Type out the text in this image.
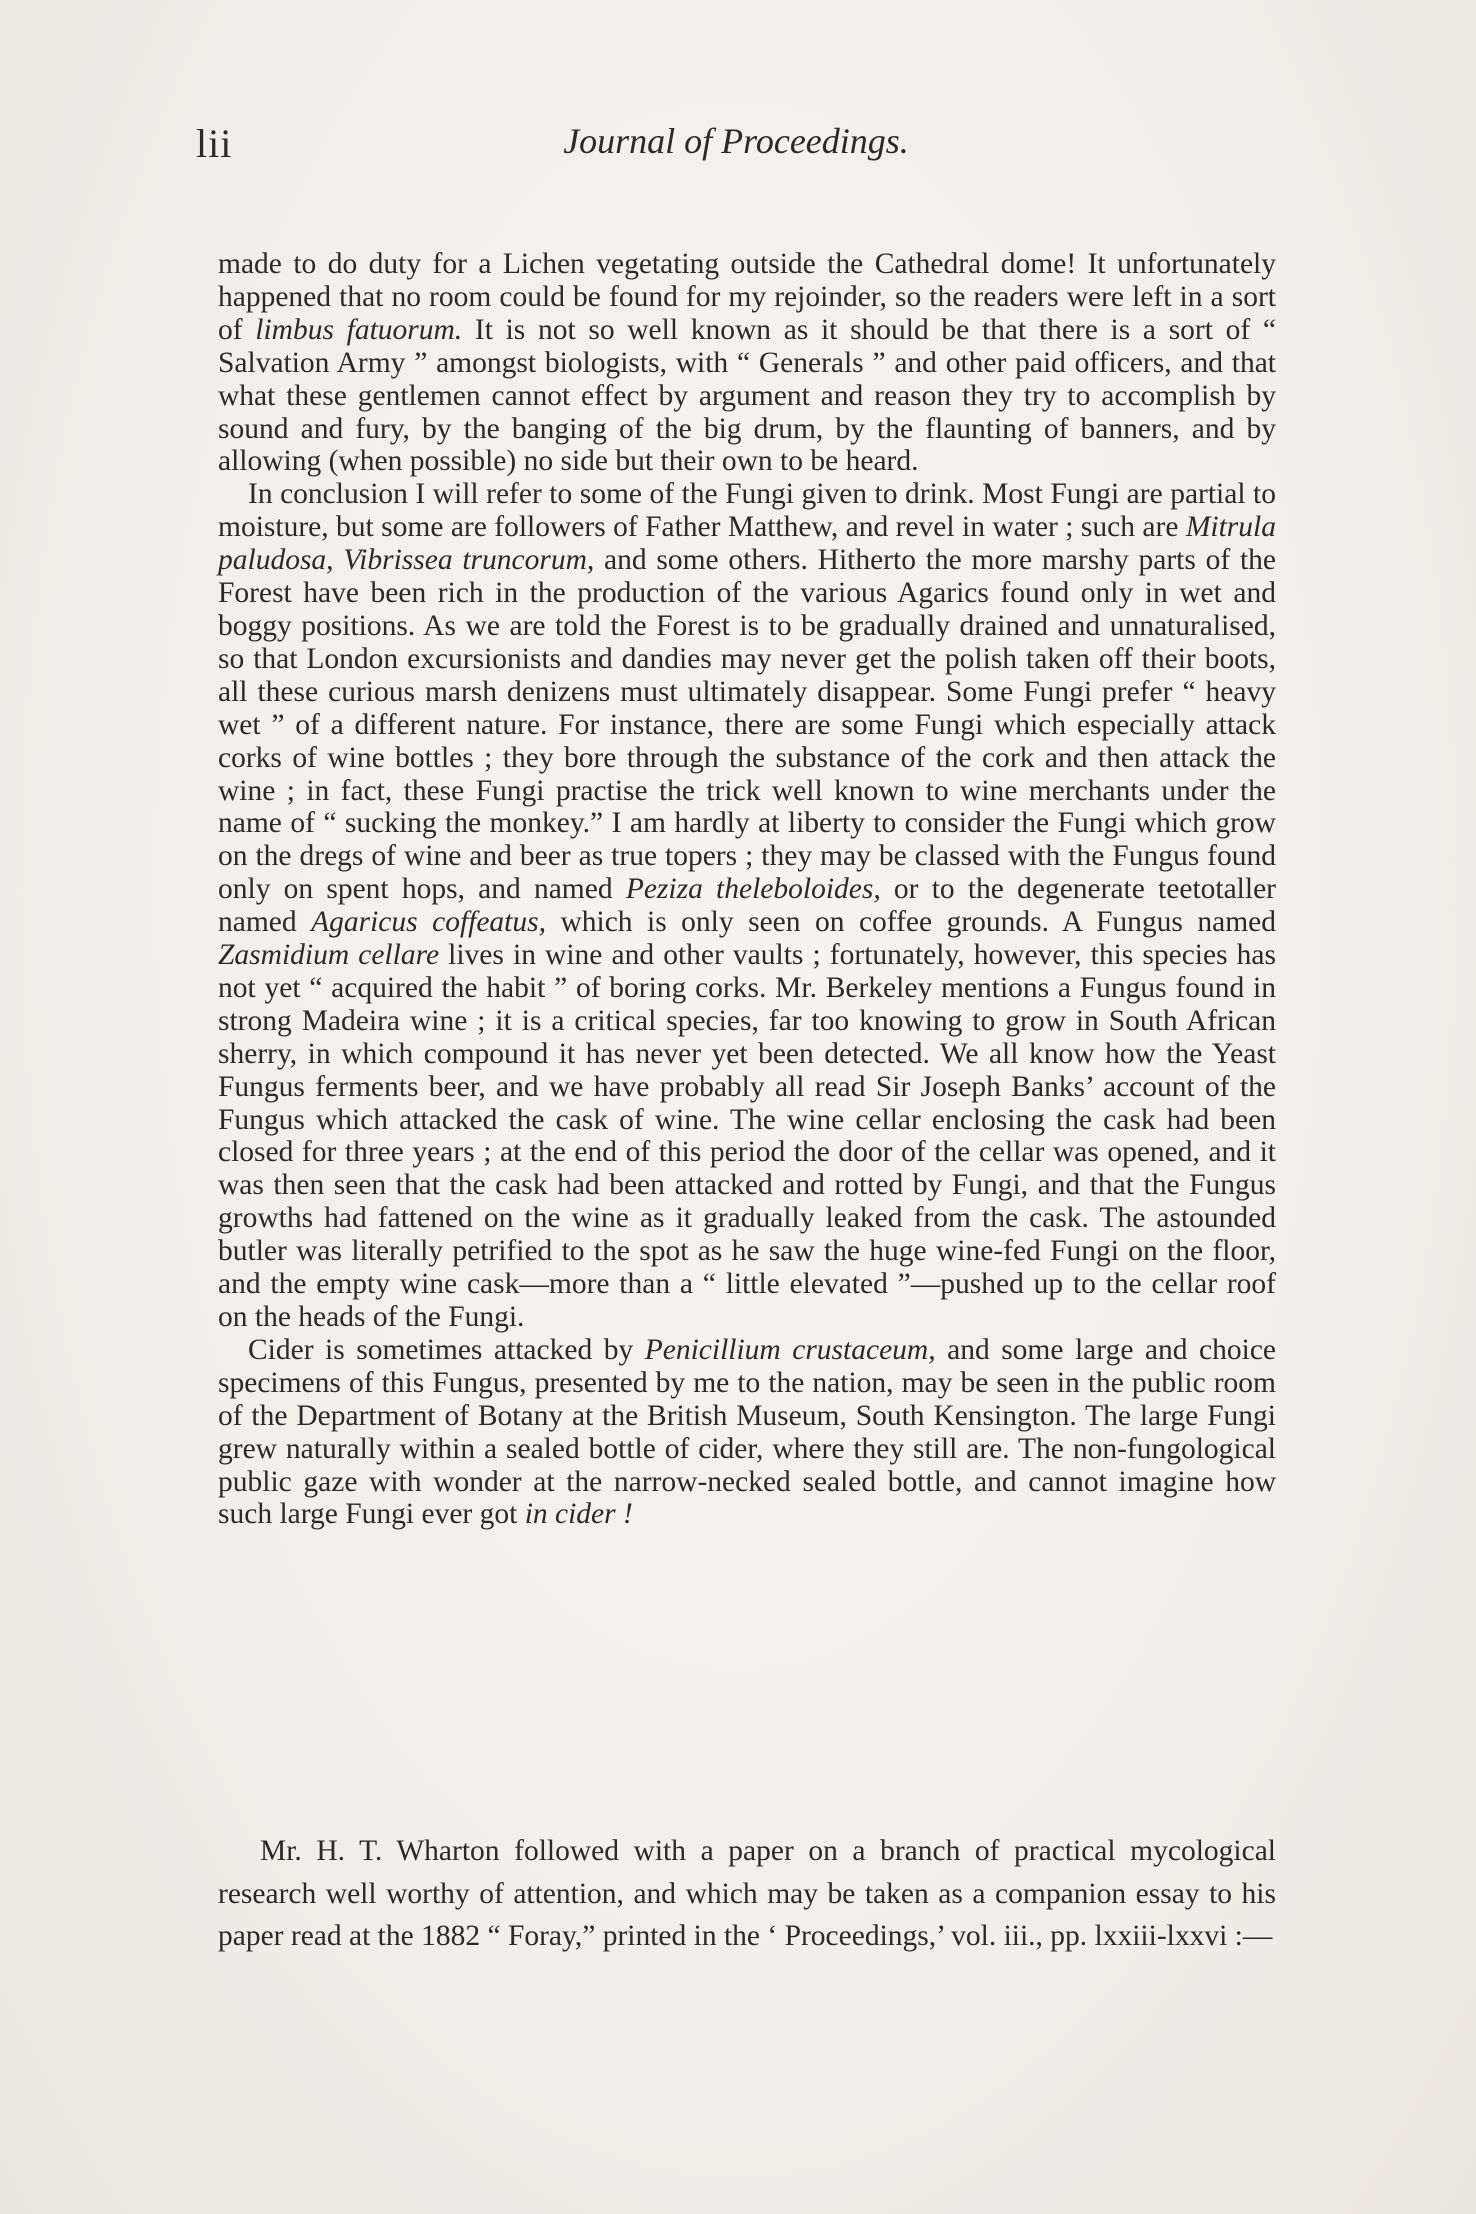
lii	Journal of Proceedings.

made to do duty for a Lichen vegetating outside the Cathedral dome! It unfortunately happened that no room could be found for my rejoinder, so the readers were left in a sort of limbus fatuorum. It is not so well known as it should be that there is a sort of “ Salvation Army ” amongst biologists, with “ Generals ” and other paid officers, and that what these gentlemen cannot effect by argument and reason they try to accomplish by sound and fury, by the banging of the big drum, by the flaunting of banners, and by allowing (when possible) no side but their own to be heard.

In conclusion I will refer to some of the Fungi given to drink. Most Fungi are partial to moisture, but some are followers of Father Matthew, and revel in water ; such are Mitrula paludosa, Vibrissea truncorum, and some others. Hitherto the more marshy parts of the Forest have been rich in the production of the various Agarics found only in wet and boggy positions. As we are told the Forest is to be gradually drained and unnaturalised, so that London excursionists and dandies may never get the polish taken off their boots, all these curious marsh denizens must ultimately disappear. Some Fungi prefer “ heavy wet ” of a different nature. For instance, there are some Fungi which especially attack corks of wine bottles ; they bore through the substance of the cork and then attack the wine ; in fact, these Fungi practise the trick well known to wine merchants under the name of “ sucking the monkey.” I am hardly at liberty to consider the Fungi which grow on the dregs of wine and beer as true topers ; they may be classed with the Fungus found only on spent hops, and named Peziza theleboloides, or to the degenerate teetotaller named Agaricus coffeatus, which is only seen on coffee grounds. A Fungus named Zasmidium cellare lives in wine and other vaults ; fortunately, however, this species has not yet “ acquired the habit ” of boring corks. Mr. Berkeley mentions a Fungus found in strong Madeira wine ; it is a critical species, far too knowing to grow in South African sherry, in which compound it has never yet been detected. We all know how the Yeast Fungus ferments beer, and we have probably all read Sir Joseph Banks’ account of the Fungus which attacked the cask of wine. The wine cellar enclosing the cask had been closed for three years ; at the end of this period the door of the cellar was opened, and it was then seen that the cask had been attacked and rotted by Fungi, and that the Fungus growths had fattened on the wine as it gradually leaked from the cask. The astounded butler was literally petrified to the spot as he saw the huge wine-fed Fungi on the floor, and the empty wine cask—more than a “ little elevated ”—pushed up to the cellar roof on the heads of the Fungi.

Cider is sometimes attacked by Penicillium crustaceum, and some large and choice specimens of this Fungus, presented by me to the nation, may be seen in the public room of the Department of Botany at the British Museum, South Kensington. The large Fungi grew naturally within a sealed bottle of cider, where they still are. The non-fungological public gaze with wonder at the narrow-necked sealed bottle, and cannot imagine how such large Fungi ever got in cider !

Mr. H. T. Wharton followed with a paper on a branch of practical mycological research well worthy of attention, and which may be taken as a companion essay to his paper read at the 1882 “ Foray,” printed in the ‘ Proceedings,’ vol. iii., pp. lxxiii-lxxvi :—
